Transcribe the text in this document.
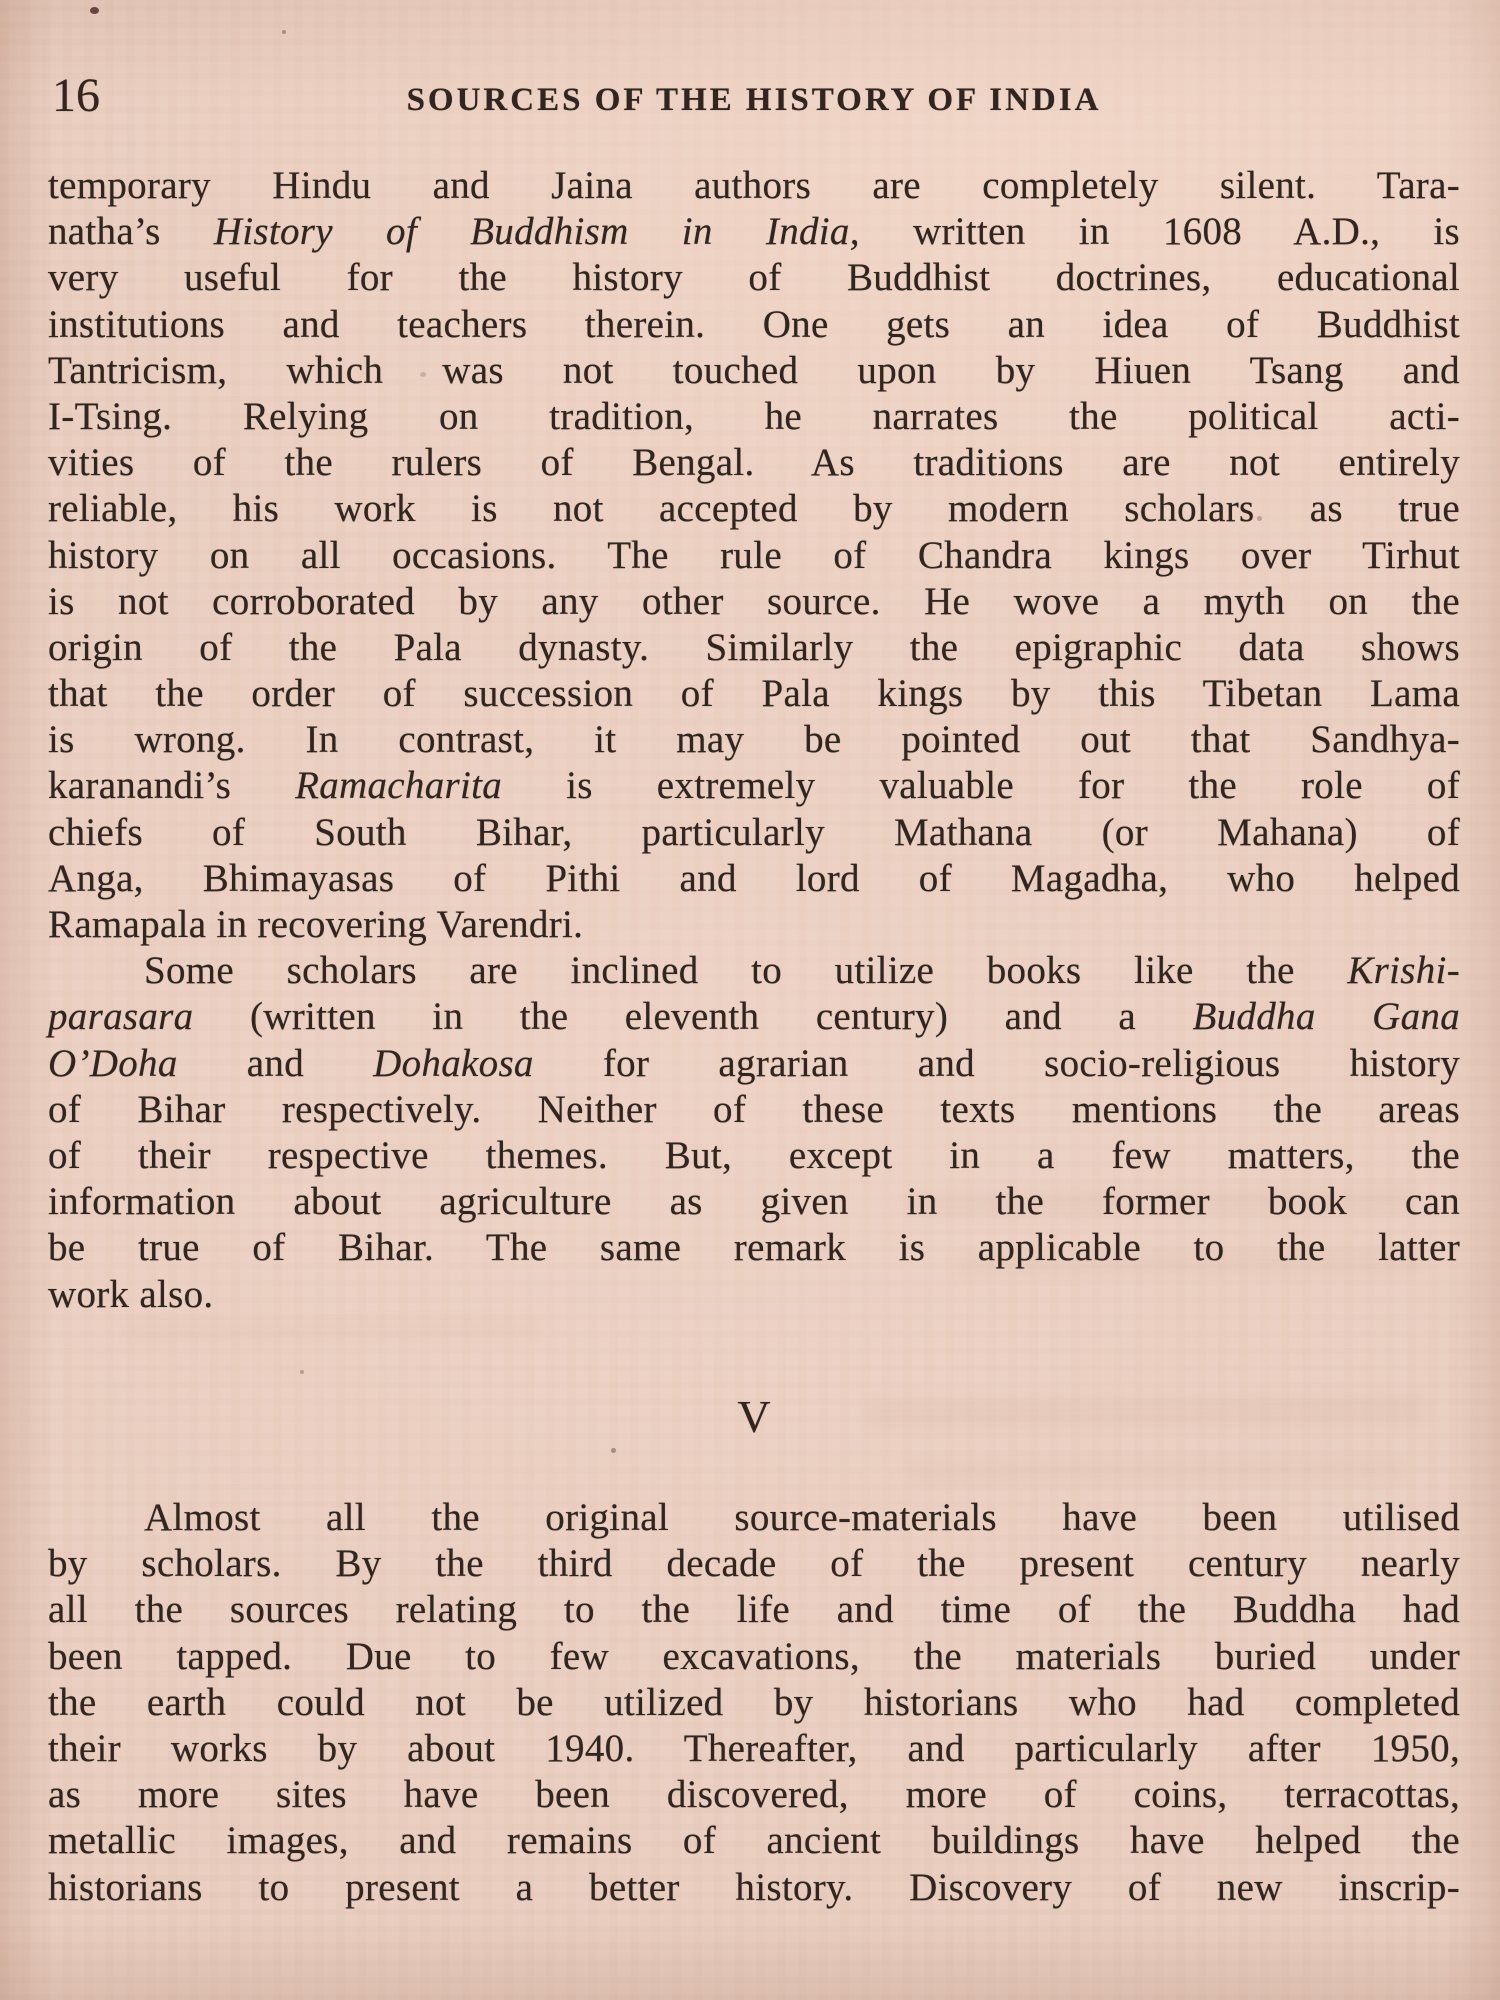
16	SOURCES OF THE HISTORY OF INDIA
temporary Hindu and Jaina authors are completely silent. Tara-
natha’s History of Buddhism in India, written in 1608 A.D., is
very useful for the history of Buddhist doctrines, educational
institutions and teachers therein. One gets an idea of Buddhist
Tantricism, which was not touched upon by Hiuen Tsang and
I-Tsing. Relying on tradition, he narrates the political acti-
vities of the rulers of Bengal. As traditions are not entirely
reliable, his work is not accepted by modern scholars as true
history on all occasions. The rule of Chandra kings over Tirhut
is not corroborated by any other source. He wove a myth on the
origin of the Pala dynasty. Similarly the epigraphic data shows
that the order of succession of Pala kings by this Tibetan Lama
is wrong. In contrast, it may be pointed out that Sandhya-
karanandi’s Ramacharita is extremely valuable for the role of
chiefs of South Bihar, particularly Mathana (or Mahana) of
Anga, Bhimayasas of Pithi and lord of Magadha, who helped
Ramapala in recovering Varendri.
Some scholars are inclined to utilize books like the Krishi-
parasara (written in the eleventh century) and a Buddha Gana
O’Doha and Dohakosa for agrarian and socio-religious history
of Bihar respectively. Neither of these texts mentions the areas
of their respective themes. But, except in a few matters, the
information about agriculture as given in the former book can
be true of Bihar. The same remark is applicable to the latter
work also.
V
Almost all the original source-materials have been utilised
by scholars. By the third decade of the present century nearly
all the sources relating to the life and time of the Buddha had
been tapped. Due to few excavations, the materials buried under
the earth could not be utilized by historians who had completed
their works by about 1940. Thereafter, and particularly after 1950,
as more sites have been discovered, more of coins, terracottas,
metallic images, and remains of ancient buildings have helped the
historians to present a better history. Discovery of new inscrip-
